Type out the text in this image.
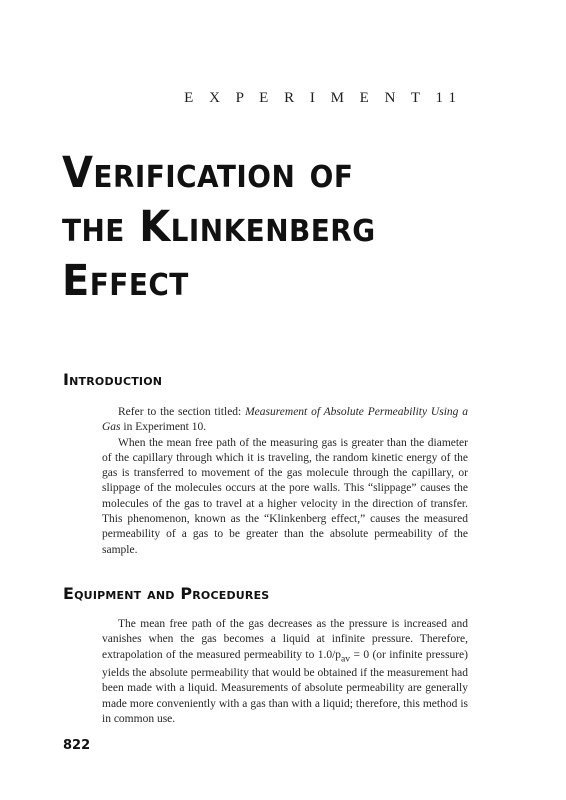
E X P E R I M E N T 11
Verification of
the Klinkenberg
Effect
Introduction

Refer to the section titled: Measurement of Absolute Permeability Using a Gas in Experiment 10.

When the mean free path of the measuring gas is greater than the diameter of the capillary through which it is traveling, the random kinetic energy of the gas is transferred to movement of the gas molecule through the capillary, or slippage of the molecules occurs at the pore walls. This “slippage” causes the molecules of the gas to travel at a higher velocity in the direction of transfer. This phenomenon, known as the “Klinkenberg effect,” causes the measured permeability of a gas to be greater than the absolute permeability of the sample.

Equipment and Procedures

The mean free path of the gas decreases as the pressure is increased and vanishes when the gas becomes a liquid at infinite pressure. Therefore, extrapolation of the measured permeability to $1.0/p_{av} = 0$ (or infinite pressure) yields the absolute permeability that would be obtained if the measurement had been made with a liquid. Measurements of absolute permeability are generally made more conveniently with a gas than with a liquid; therefore, this method is in common use.

822
